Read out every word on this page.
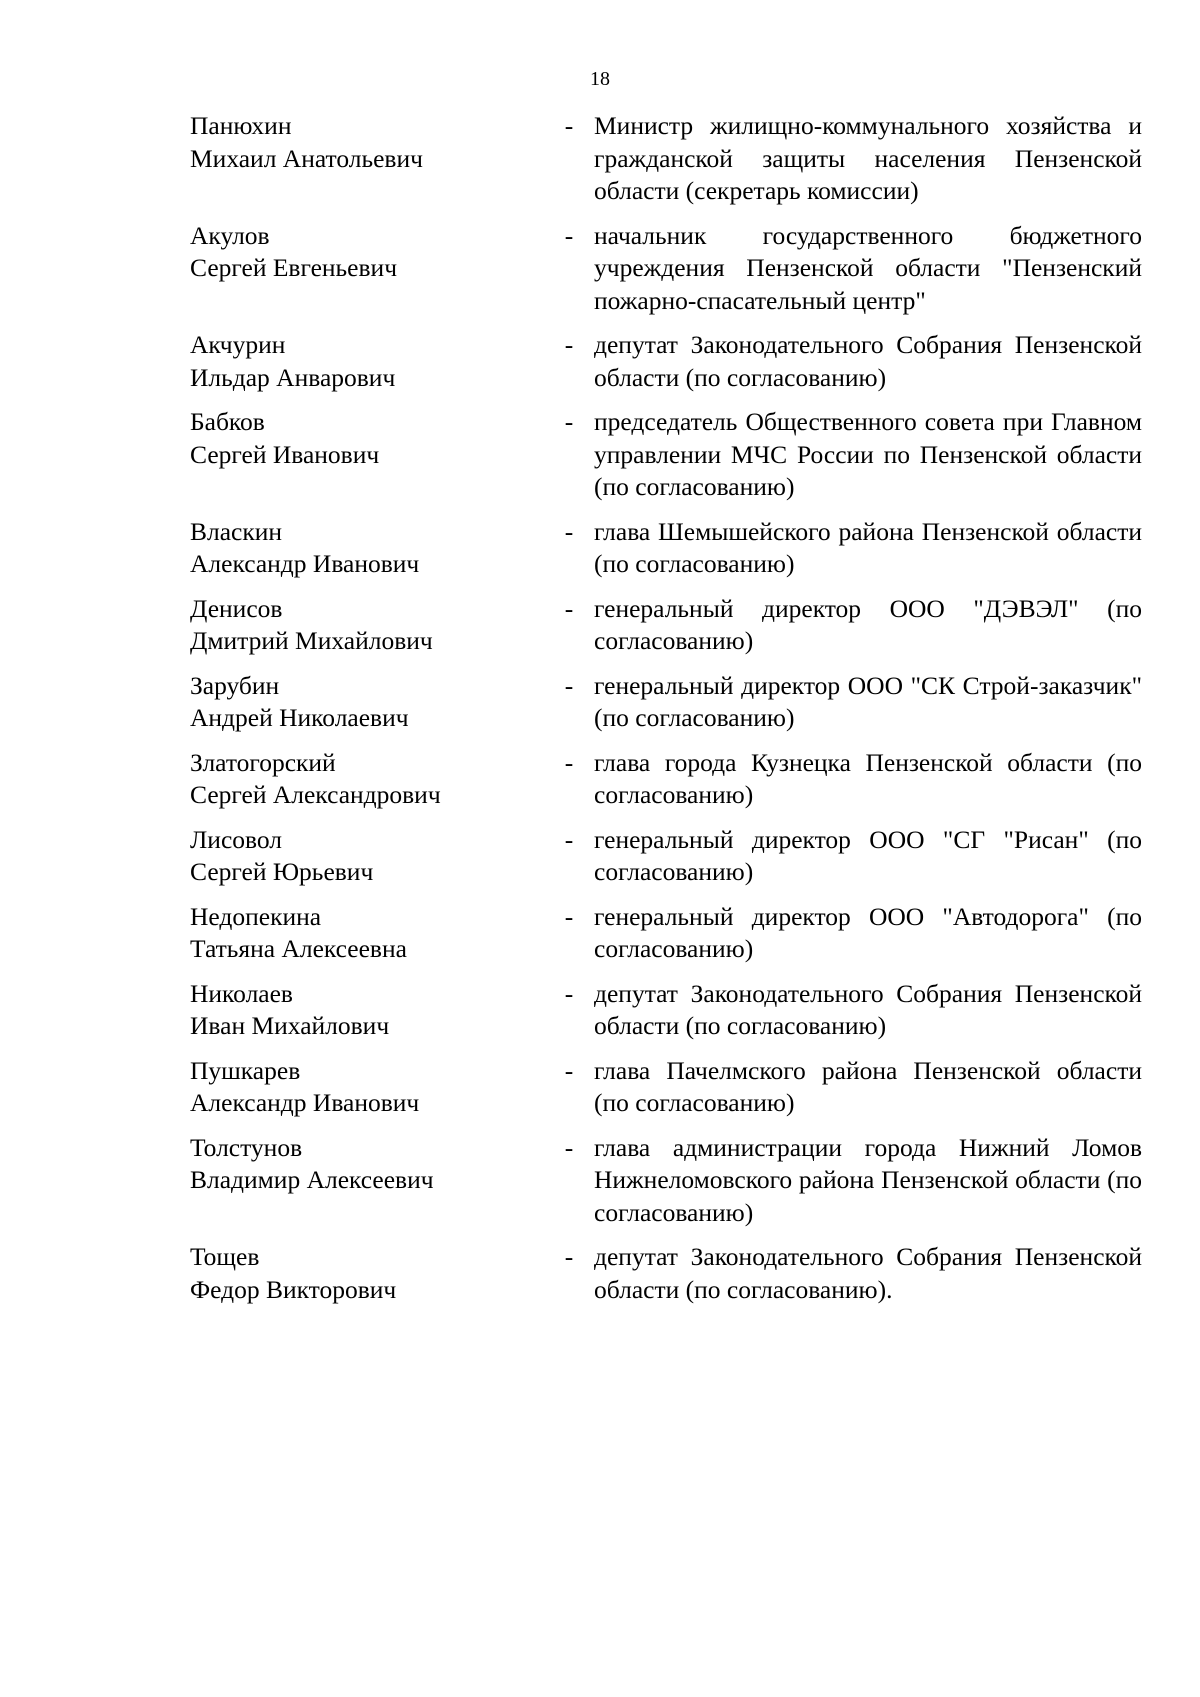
18
Панюхин
Михаил Анатольевич
- Министр жилищно-коммунального хозяйства и гражданской защиты населения Пензенской области (секретарь комиссии)
Акулов
Сергей Евгеньевич
- начальник государственного бюджетного учреждения Пензенской области "Пензенский пожарно-спасательный центр"
Акчурин
Ильдар Анварович
- депутат Законодательного Собрания Пензенской области (по согласованию)
Бабков
Сергей Иванович
- председатель Общественного совета при Главном управлении МЧС России по Пензенской области (по согласованию)
Власкин
Александр Иванович
- глава Шемышейского района Пензенской области (по согласованию)
Денисов
Дмитрий Михайлович
- генеральный директор ООО "ДЭВЭЛ" (по согласованию)
Зарубин
Андрей Николаевич
- генеральный директор ООО "СК Строй-заказчик" (по согласованию)
Златогорский
Сергей Александрович
- глава города Кузнецка Пензенской области (по согласованию)
Лисовол
Сергей Юрьевич
- генеральный директор ООО "СГ "Рисан" (по согласованию)
Недопекина
Татьяна Алексеевна
- генеральный директор ООО "Автодорога" (по согласованию)
Николаев
Иван Михайлович
- депутат Законодательного Собрания Пензенской области (по согласованию)
Пушкарев
Александр Иванович
- глава Пачелмского района Пензенской области (по согласованию)
Толстунов
Владимир Алексеевич
- глава администрации города Нижний Ломов Нижнеломовского района Пензенской области (по согласованию)
Тощев
Федор Викторович
- депутат Законодательного Собрания Пензенской области (по согласованию).
